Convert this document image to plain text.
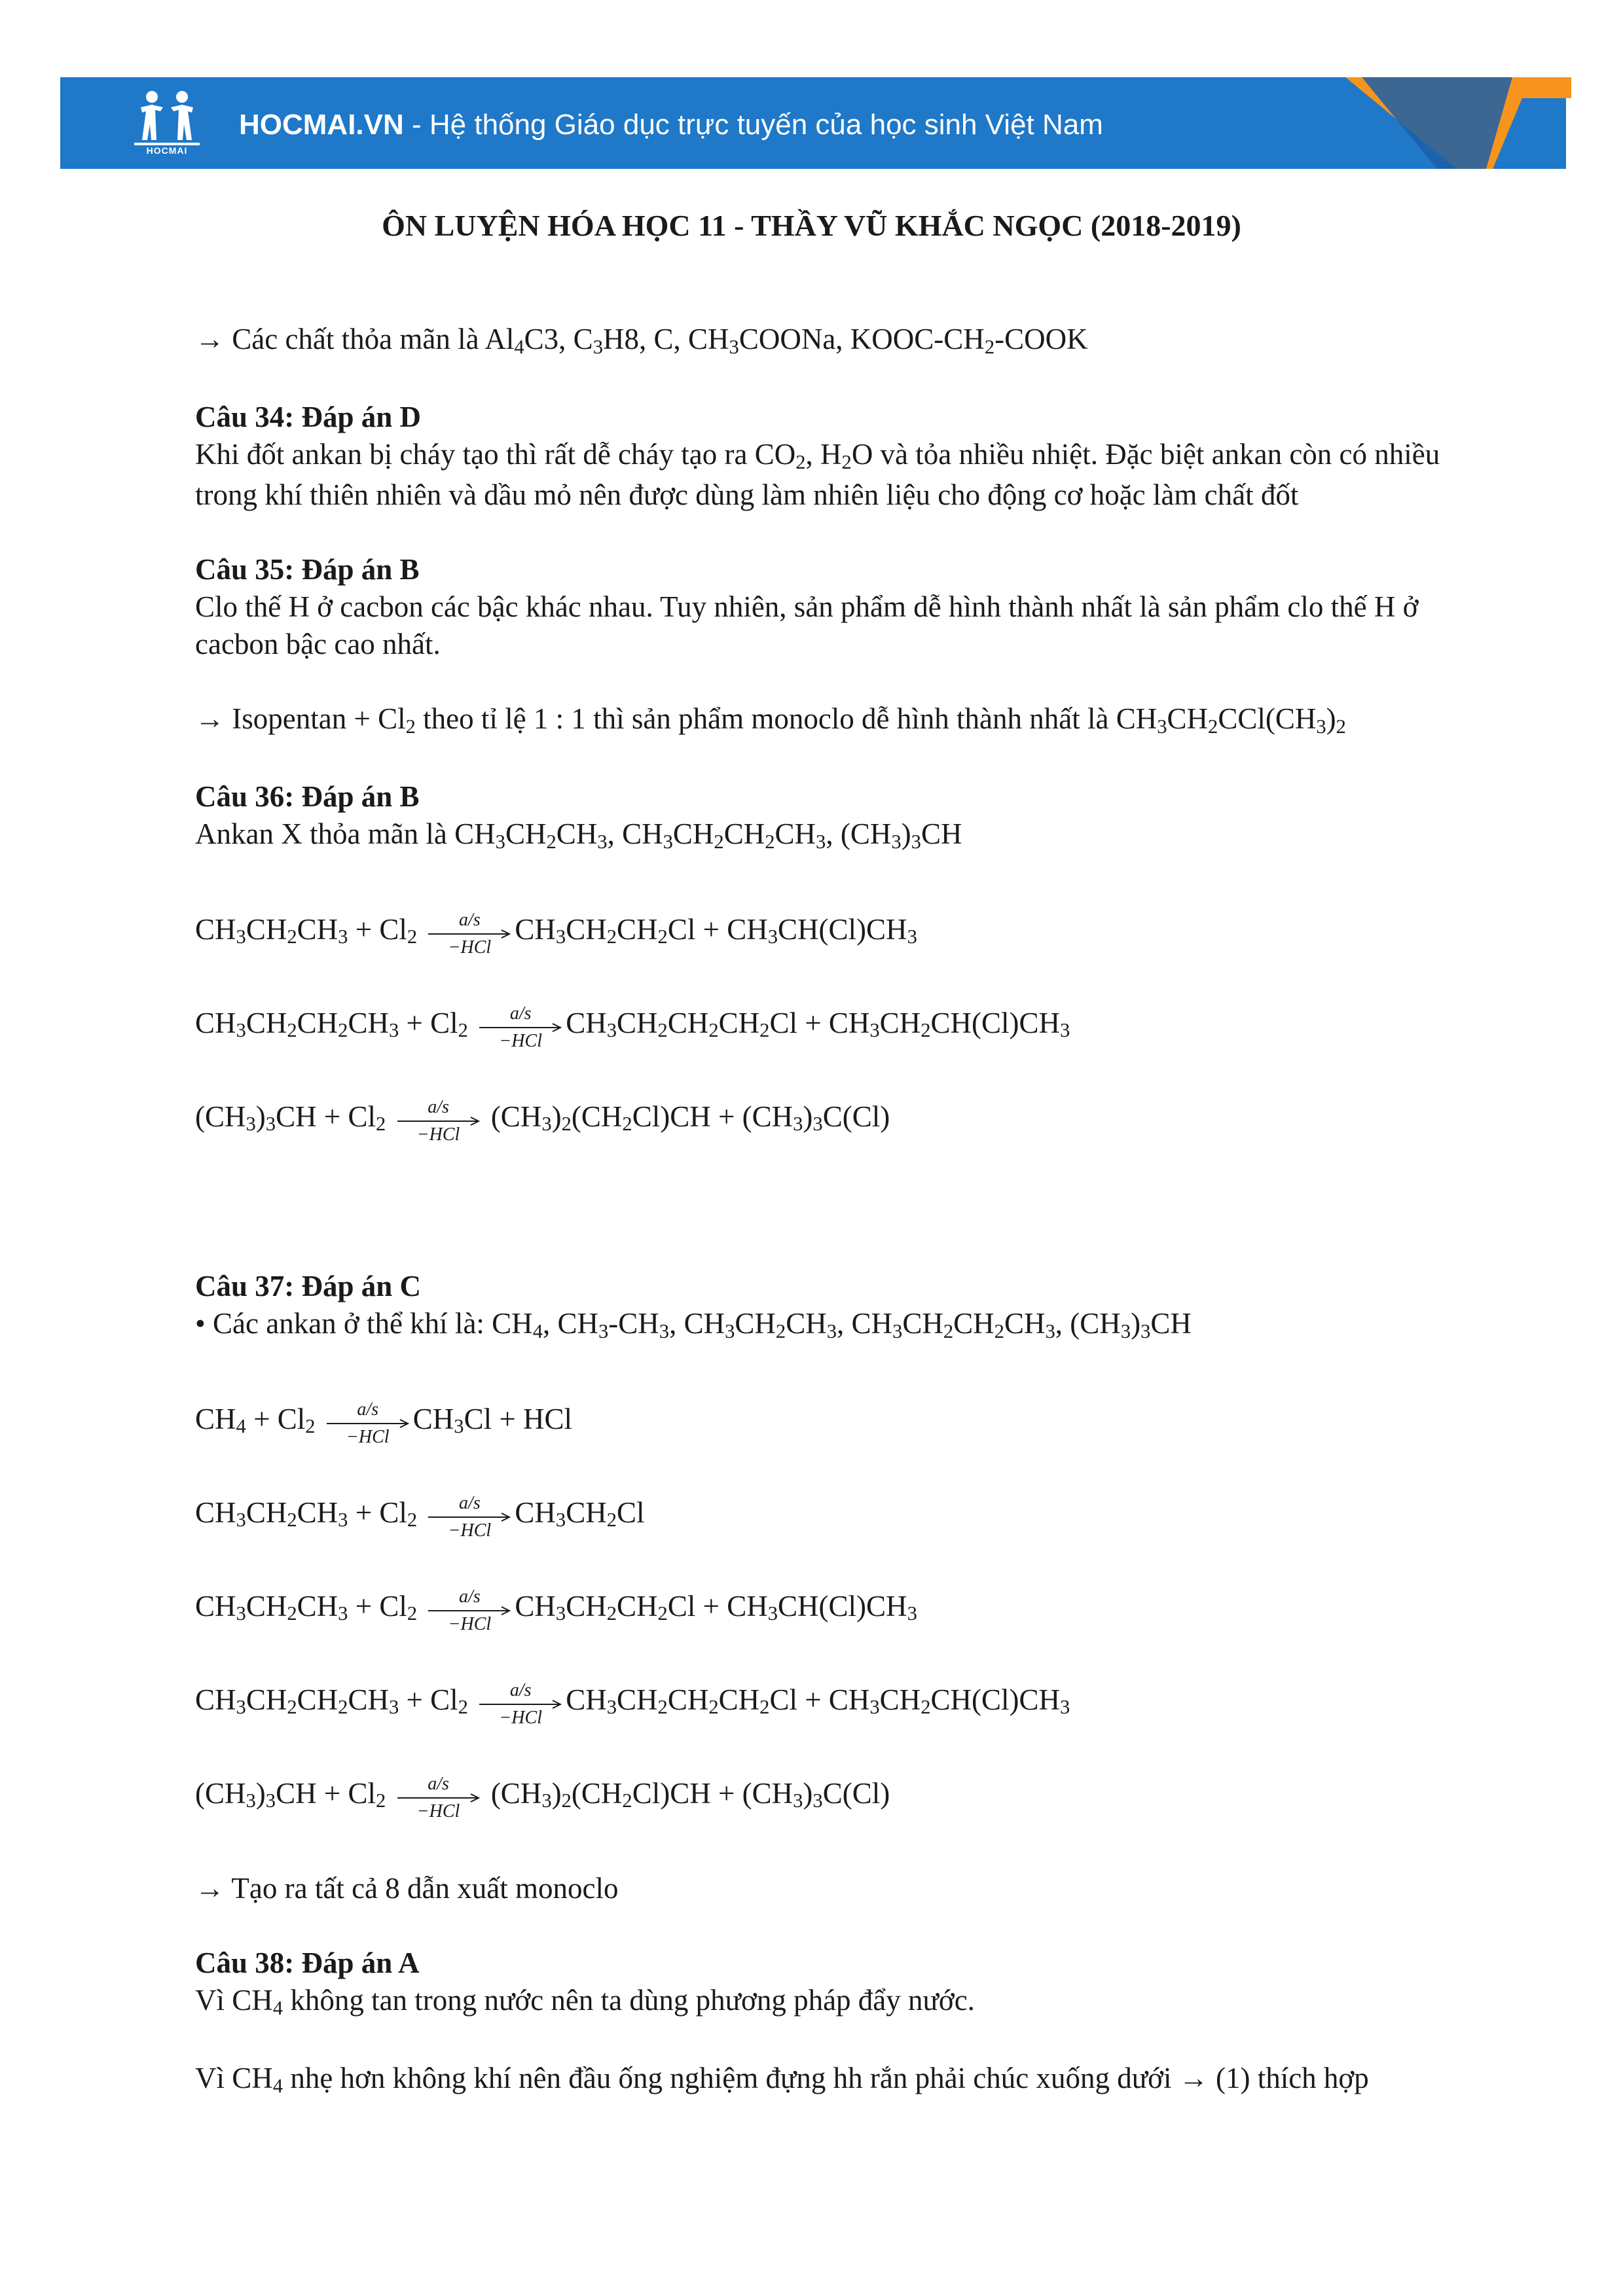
HOCMAI
HOCMAI.VN - Hệ thống Giáo dục trực tuyến của học sinh Việt Nam
ÔN LUYỆN HÓA HỌC 11 - THẦY VŨ KHẮC NGỌC (2018-2019)

→ Các chất thỏa mãn là $Al_4C3$, $C_3H8$, C, $CH_3COONa$, KOOC-$CH_2$-COOK

Câu 34: Đáp án D

Khi đốt ankan bị cháy tạo thì rất dễ cháy tạo ra $CO_2$, $H_2O$ và tỏa nhiều nhiệt. Đặc biệt ankan còn có nhiều trong khí thiên nhiên và dầu mỏ nên được dùng làm nhiên liệu cho động cơ hoặc làm chất đốt

Câu 35: Đáp án B

Clo thế H ở cacbon các bậc khác nhau. Tuy nhiên, sản phẩm dễ hình thành nhất là sản phẩm clo thế H ở cacbon bậc cao nhất.

→ Isopentan + $Cl_2$ theo tỉ lệ 1 : 1 thì sản phẩm monoclo dễ hình thành nhất là $CH_3CH_2CCl(CH_3)_2$

Câu 36: Đáp án B

Ankan X thỏa mãn là $CH_3CH_2CH_3$, $CH_3CH_2CH_2CH_3$, $(CH_3)_3CH$

$CH_3CH_2CH_3 + Cl_2$

a/s
−HCl
$CH_3CH_2CH_2Cl + CH_3CH(Cl)CH_3$
$CH_3CH_2CH_2CH_3 + Cl_2$

a/s
−HCl
$CH_3CH_2CH_2CH_2Cl + CH_3CH_2CH(Cl)CH_3$
$(CH_3)_3CH + Cl_2$

a/s
−HCl
$(CH_3)_2(CH_2Cl)CH + (CH_3)_3C(Cl)$

Câu 37: Đáp án C

• Các ankan ở thể khí là: $CH_4$, $CH_3-CH_3$, $CH_3CH_2CH_3$, $CH_3CH_2CH_2CH_3$, $(CH_3)_3CH$

$CH_4 + Cl_2$

a/s
−HCl
$CH_3Cl$ + HCl
$CH_3CH_2CH_3 + Cl_2$

a/s
−HCl
$CH_3CH_2Cl$
$CH_3CH_2CH_3 + Cl_2$

a/s
−HCl
$CH_3CH_2CH_2Cl + CH_3CH(Cl)CH_3$
$CH_3CH_2CH_2CH_3 + Cl_2$

a/s
−HCl
$CH_3CH_2CH_2CH_2Cl + CH_3CH_2CH(Cl)CH_3$
$(CH_3)_3CH + Cl_2$

a/s
−HCl
$(CH_3)_2(CH_2Cl)CH + (CH_3)_3C(Cl)$

→ Tạo ra tất cả 8 dẫn xuất monoclo

Câu 38: Đáp án A

Vì $CH_4$ không tan trong nước nên ta dùng phương pháp đẩy nước.

Vì $CH_4$ nhẹ hơn không khí nên đầu ống nghiệm đựng hh rắn phải chúc xuống dưới → (1) thích hợp
